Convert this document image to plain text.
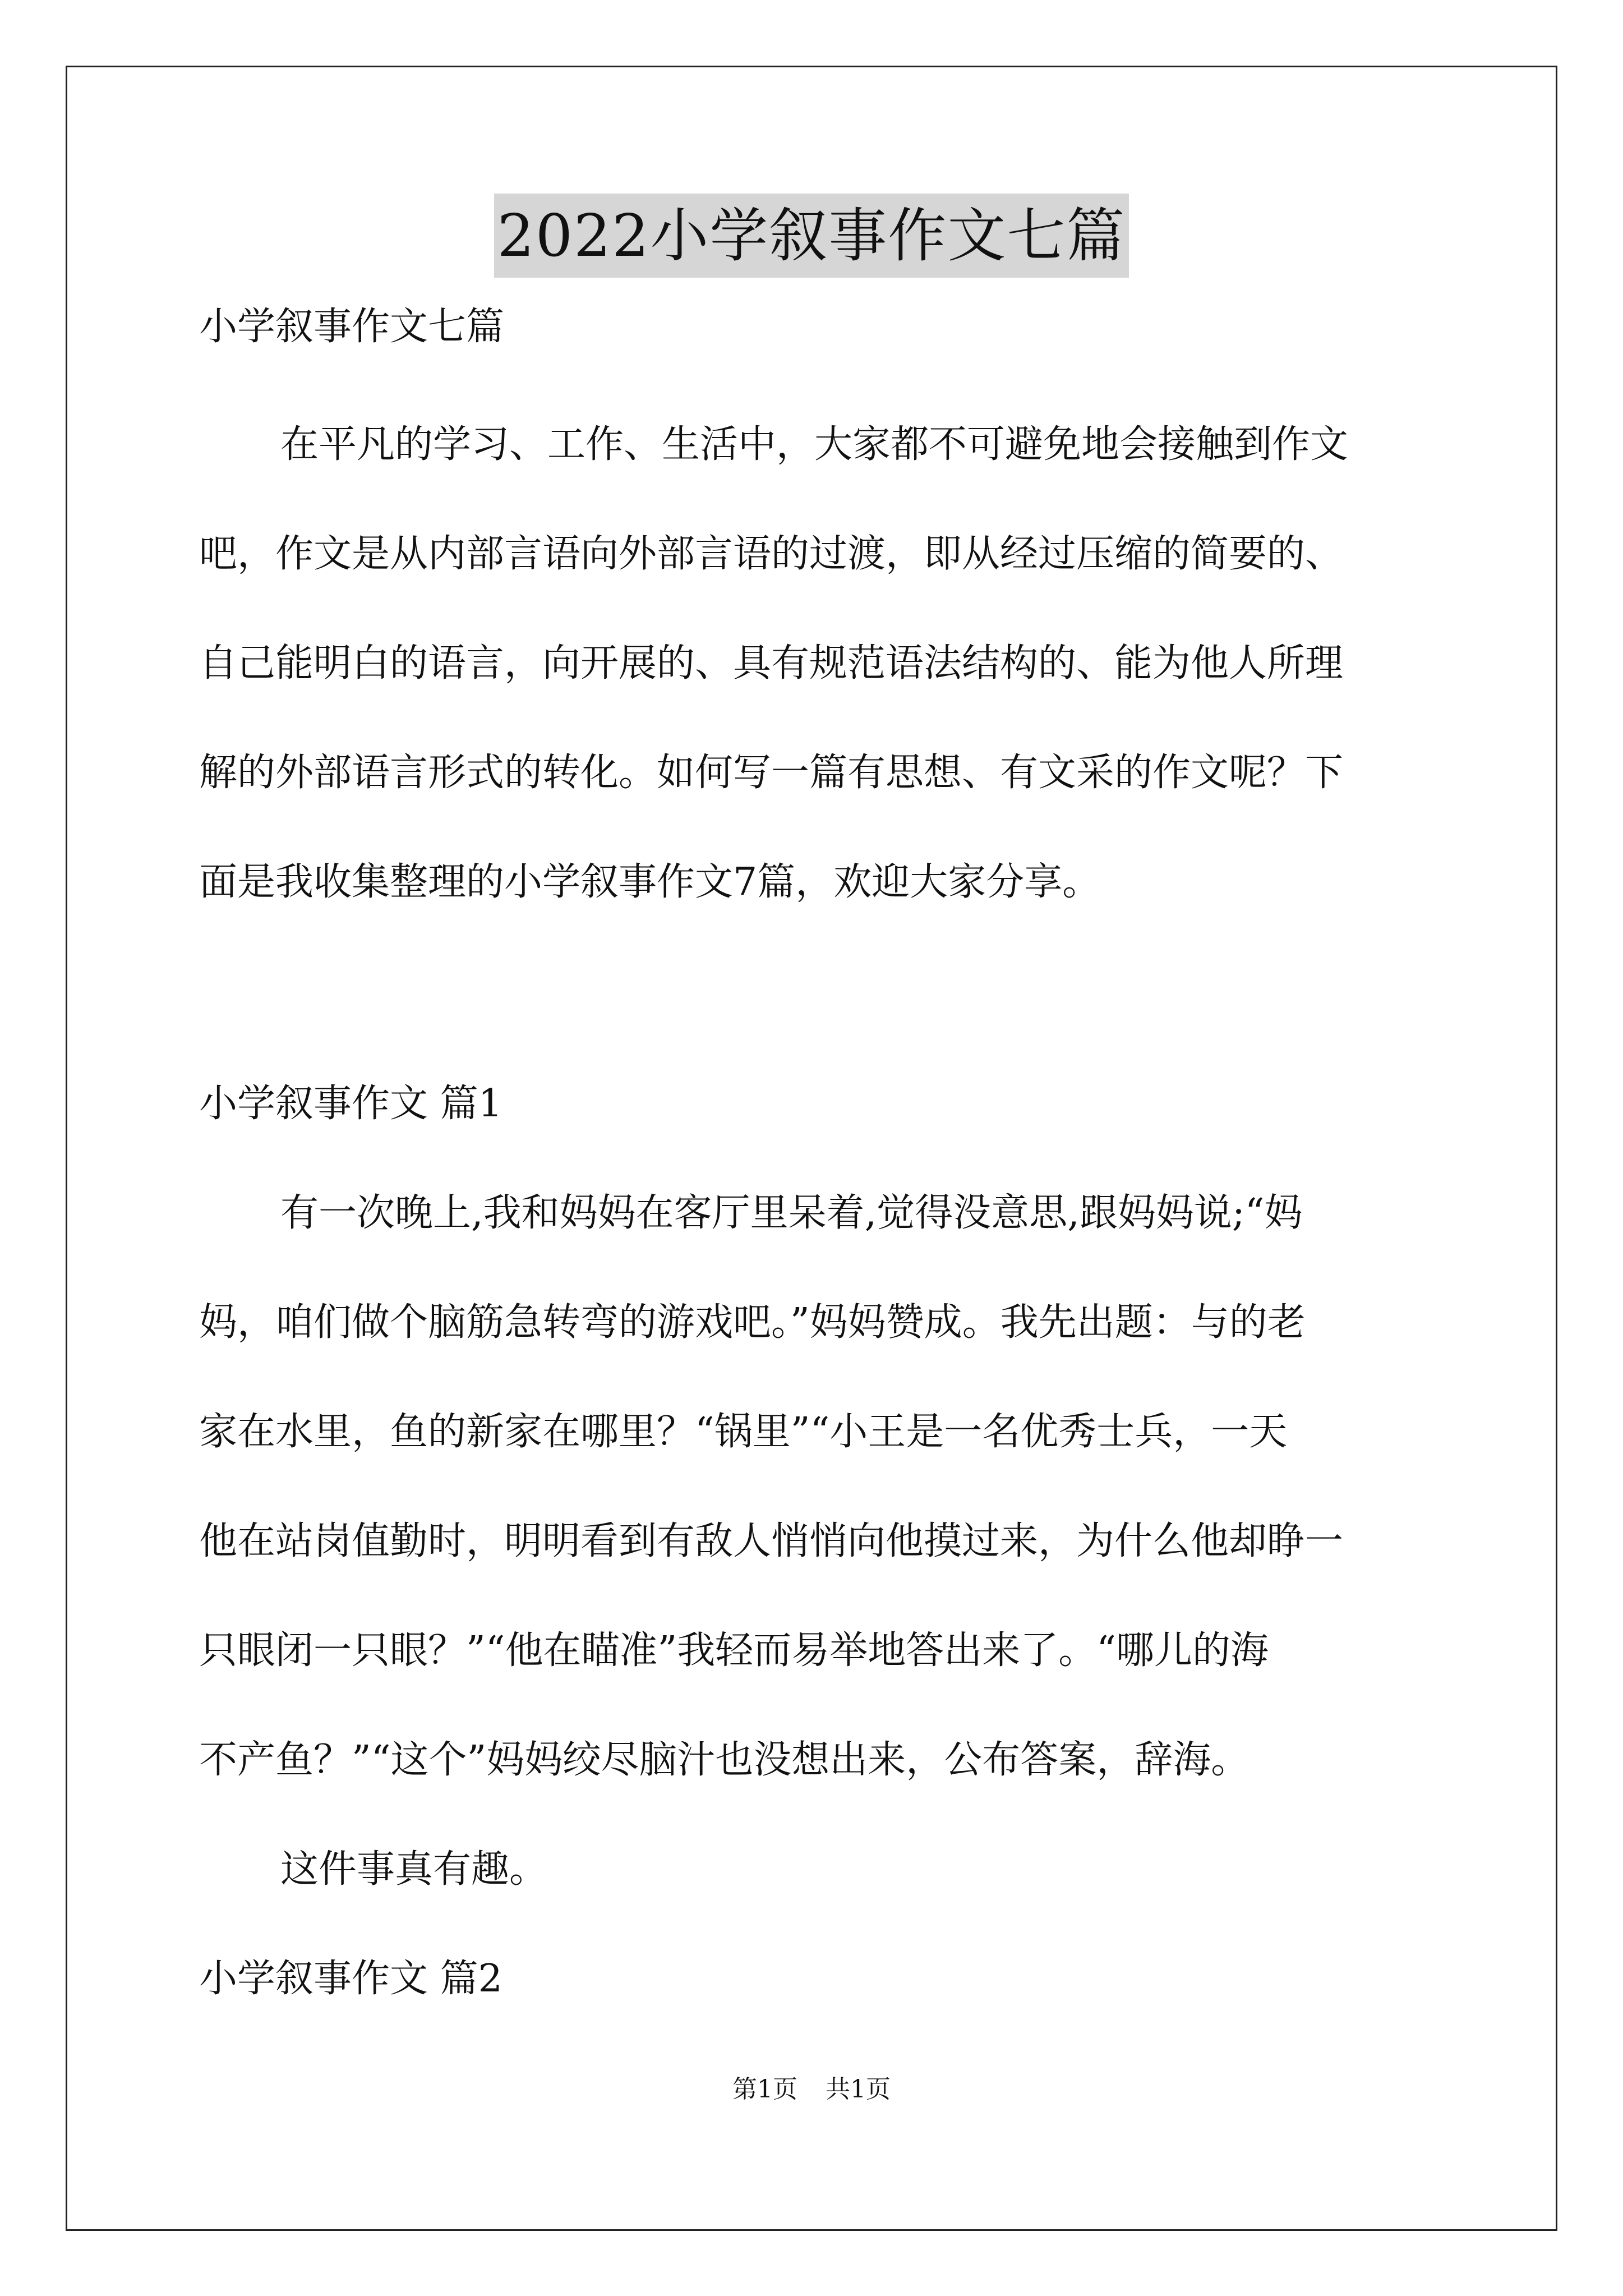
2022小学叙事作文七篇
小学叙事作文七篇
在平凡的学习、工作、生活中，大家都不可避免地会接触到作文
吧，作文是从内部言语向外部言语的过渡，即从经过压缩的简要的、
自己能明白的语言，向开展的、具有规范语法结构的、能为他人所理
解的外部语言形式的转化。如何写一篇有思想、有文采的作文呢？下
面是我收集整理的小学叙事作文7篇，欢迎大家分享。
小学叙事作文 篇1
有一次晚上,我和妈妈在客厅里呆着,觉得没意思,跟妈妈说;“妈
妈，咱们做个脑筋急转弯的游戏吧。”妈妈赞成。我先出题：与的老
家在水里，鱼的新家在哪里？“锅里”“小王是一名优秀士兵，一天
他在站岗值勤时，明明看到有敌人悄悄向他摸过来，为什么他却睁一
只眼闭一只眼？”“他在瞄准”我轻而易举地答出来了。“哪儿的海
不产鱼？”“这个”妈妈绞尽脑汁也没想出来，公布答案，辞海。
这件事真有趣。
小学叙事作文 篇2
第1页 共1页
